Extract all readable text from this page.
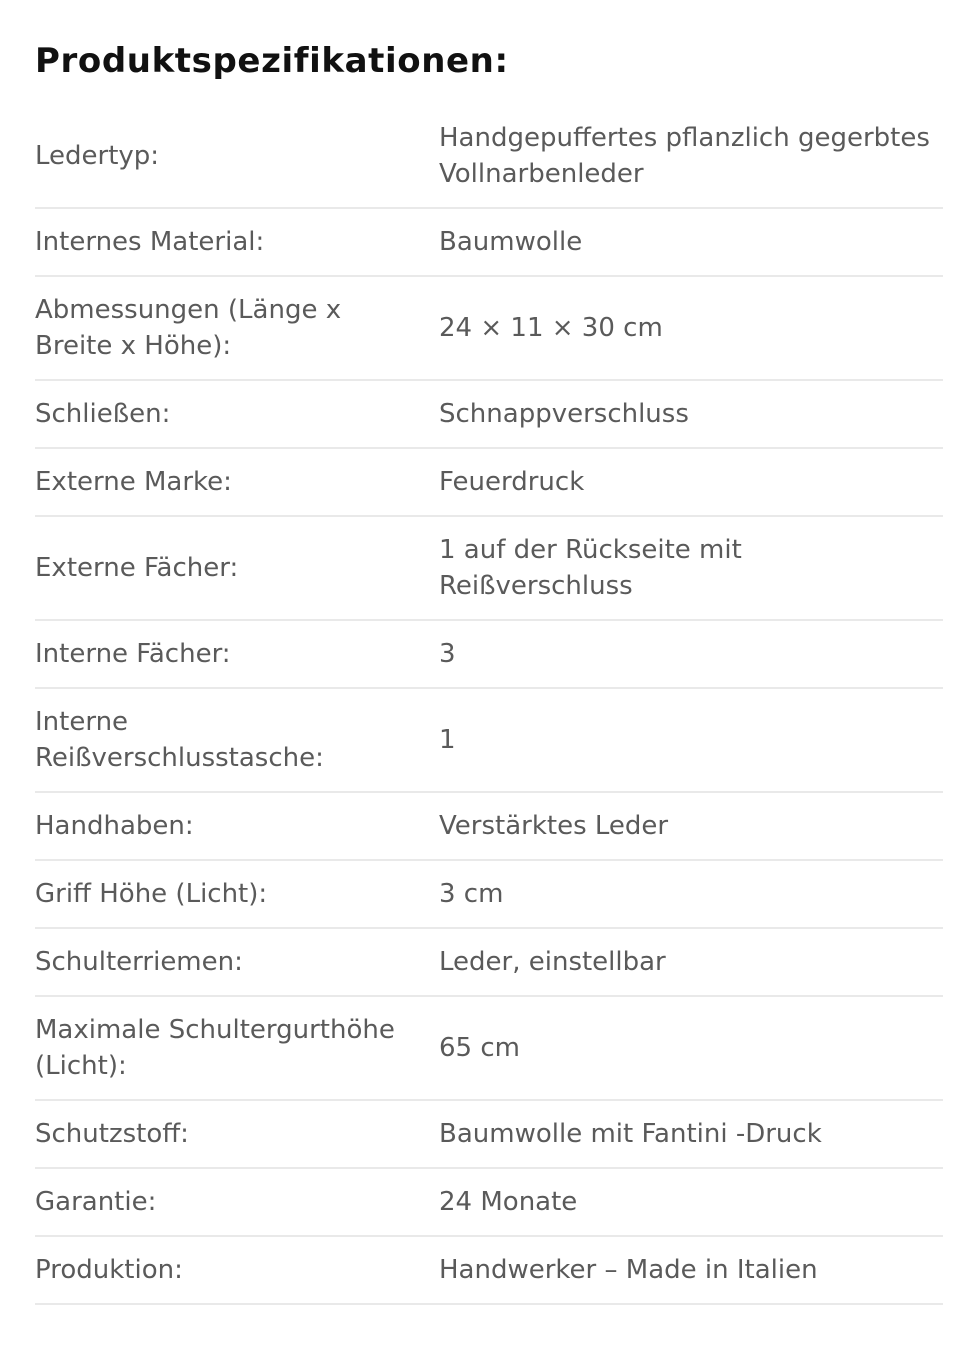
Produktspezifikationen:
Ledertyp:	Handgepuffertes pflanzlich gegerbtes Vollnarbenleder
Internes Material:	Baumwolle
Abmessungen (Länge x Breite x Höhe):	24 × 11 × 30 cm
Schließen:	Schnappverschluss
Externe Marke:	Feuerdruck
Externe Fächer:	1 auf der Rückseite mit Reißverschluss
Interne Fächer:	3
Interne Reißverschlusstasche:	1
Handhaben:	Verstärktes Leder
Griff Höhe (Licht):	3 cm
Schulterriemen:	Leder, einstellbar
Maximale Schultergurthöhe (Licht):	65 cm
Schutzstoff:	Baumwolle mit Fantini -Druck
Garantie:	24 Monate
Produktion:	Handwerker – Made in Italien
